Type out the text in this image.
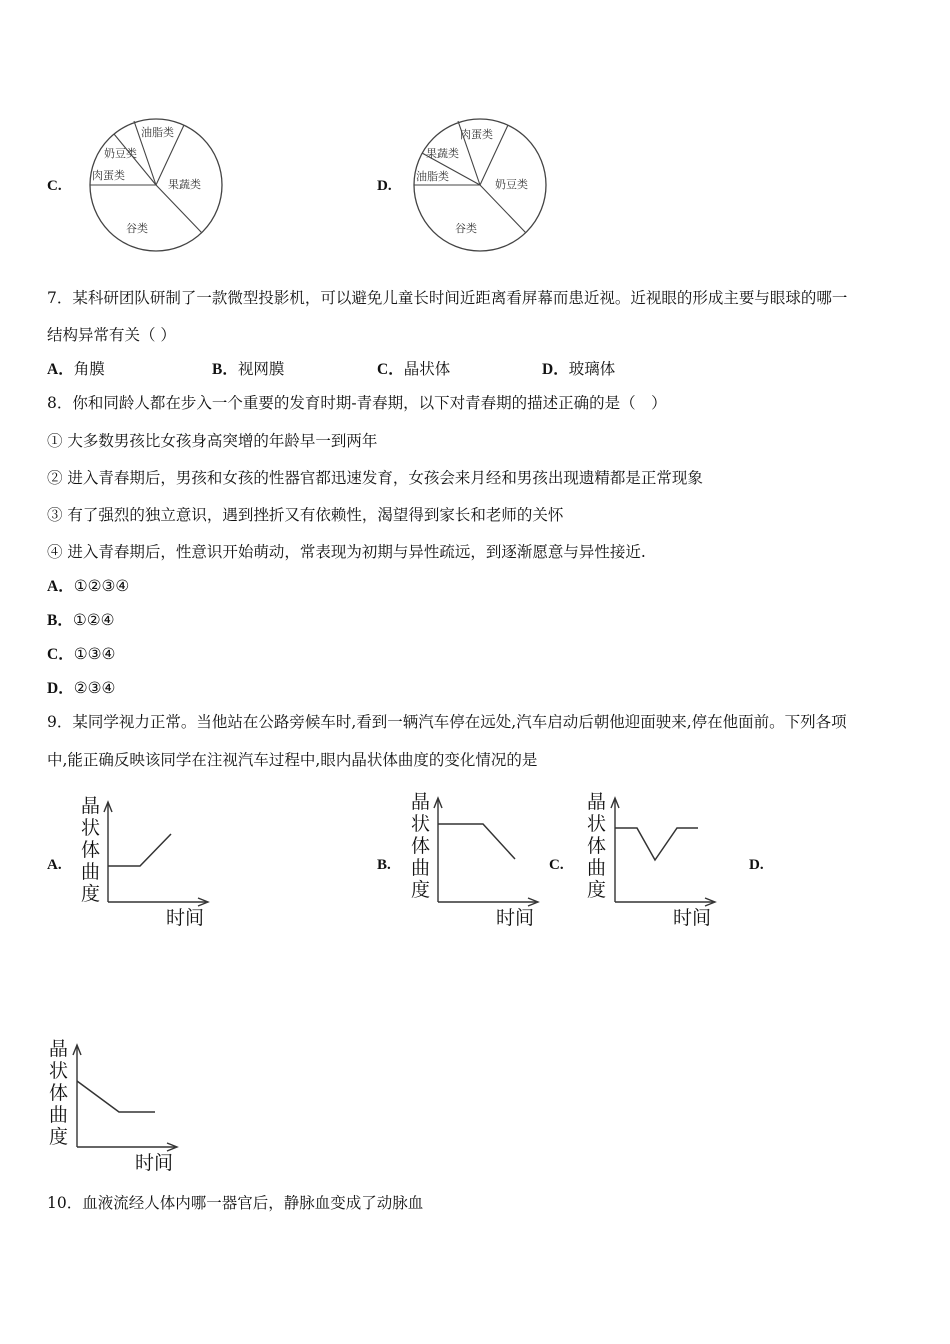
C.
油脂类
奶豆类
肉蛋类
果蔬类
谷类
D.
肉蛋类
果蔬类
油脂类
奶豆类
谷类
7．某科研团队研制了一款微型投影机，可以避免儿童长时间近距离看屏幕而患近视。近视眼的形成主要与眼球的哪一
结构异常有关（ ）
A．角膜	B．视网膜	C．晶状体	D．玻璃体
8．你和同龄人都在步入一个重要的发育时期-青春期，以下对青春期的描述正确的是（　）
① 大多数男孩比女孩身高突增的年龄早一到两年
② 进入青春期后，男孩和女孩的性器官都迅速发育，女孩会来月经和男孩出现遗精都是正常现象
③ 有了强烈的独立意识，遇到挫折又有依赖性，渴望得到家长和老师的关怀
④ 进入青春期后，性意识开始萌动，常表现为初期与异性疏远，到逐渐愿意与异性接近.
A．①②③④
B．①②④
C．①③④
D．②③④
9．某同学视力正常。当他站在公路旁候车时,看到一辆汽车停在远处,汽车启动后朝他迎面驶来,停在他面前。下列各项
中,能正确反映该同学在注视汽车过程中,眼内晶状体曲度的变化情况的是
A.	B.	C.	D.
晶
状
体
曲
度
时间
晶
状
体
曲
度
时间
晶
状
体
曲
度
时间
晶
状
体
曲
度
时间
10．血液流经人体内哪一器官后，静脉血变成了动脉血
